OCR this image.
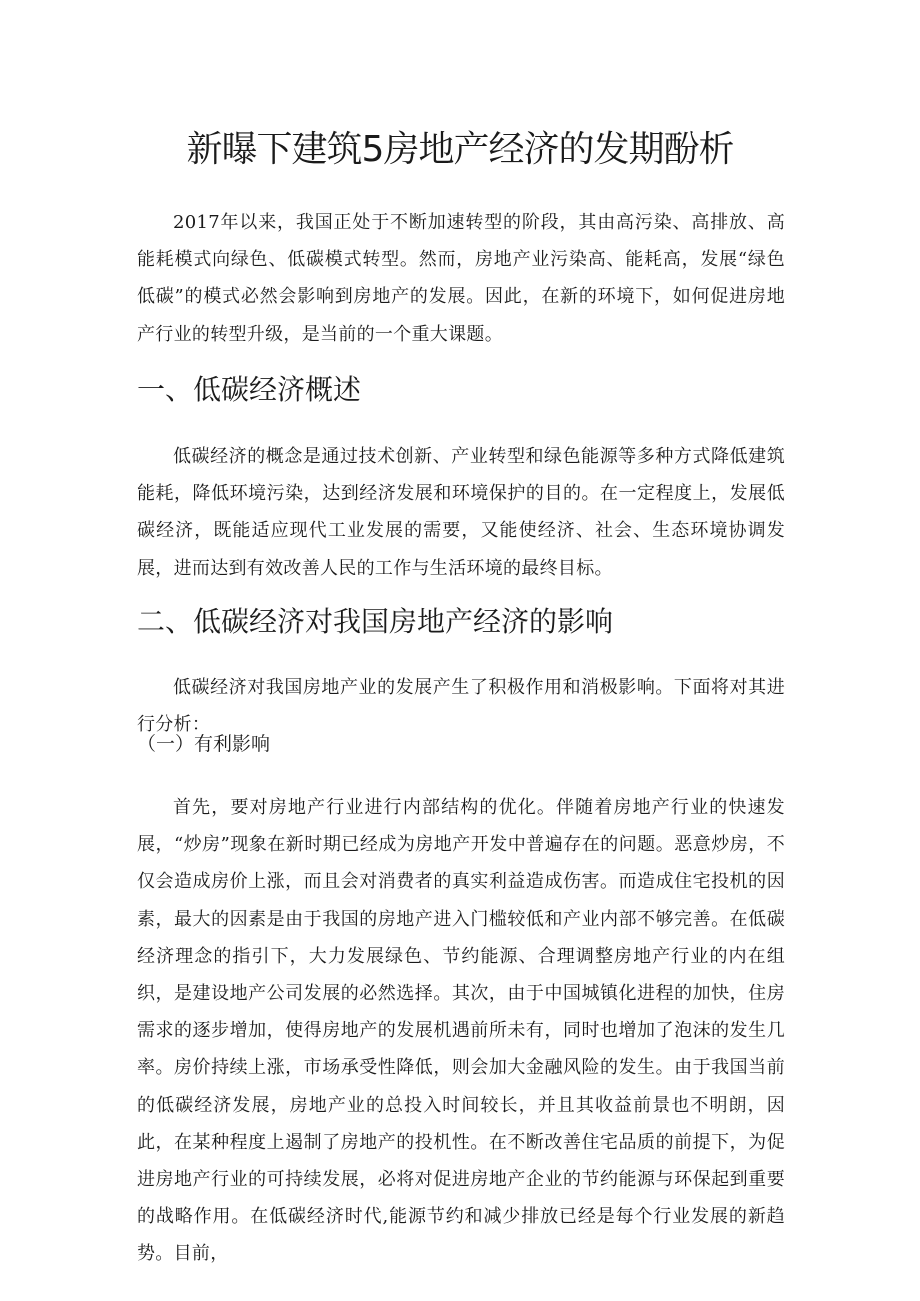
新曝下建筑5房地产经济的发期酚析

2017年以来，我国正处于不断加速转型的阶段，其由高污染、高排放、高能耗模式向绿色、低碳模式转型。然而，房地产业污染高、能耗高，发展“绿色低碳”的模式必然会影响到房地产的发展。因此，在新的环境下，如何促进房地产行业的转型升级，是当前的一个重大课题。

一、低碳经济概述

低碳经济的概念是通过技术创新、产业转型和绿色能源等多种方式降低建筑能耗，降低环境污染，达到经济发展和环境保护的目的。在一定程度上，发展低碳经济，既能适应现代工业发展的需要，又能使经济、社会、生态环境协调发展，进而达到有效改善人民的工作与生活环境的最终目标。

二、低碳经济对我国房地产经济的影响

低碳经济对我国房地产业的发展产生了积极作用和消极影响。下面将对其进行分析：

（一）有利影响

首先，要对房地产行业进行内部结构的优化。伴随着房地产行业的快速发展，“炒房”现象在新时期已经成为房地产开发中普遍存在的问题。恶意炒房，不仅会造成房价上涨，而且会对消费者的真实利益造成伤害。而造成住宅投机的因素，最大的因素是由于我国的房地产进入门槛较低和产业内部不够完善。在低碳经济理念的指引下，大力发展绿色、节约能源、合理调整房地产行业的内在组织，是建设地产公司发展的必然选择。其次，由于中国城镇化进程的加快，住房需求的逐步增加，使得房地产的发展机遇前所未有，同时也增加了泡沫的发生几率。房价持续上涨，市场承受性降低，则会加大金融风险的发生。由于我国当前的低碳经济发展，房地产业的总投入时间较长，并且其收益前景也不明朗，因此，在某种程度上遏制了房地产的投机性。在不断改善住宅品质的前提下，为促进房地产行业的可持续发展，必将对促进房地产企业的节约能源与环保起到重要的战略作用。在低碳经济时代,能源节约和减少排放已经是每个行业发展的新趋势。目前，
